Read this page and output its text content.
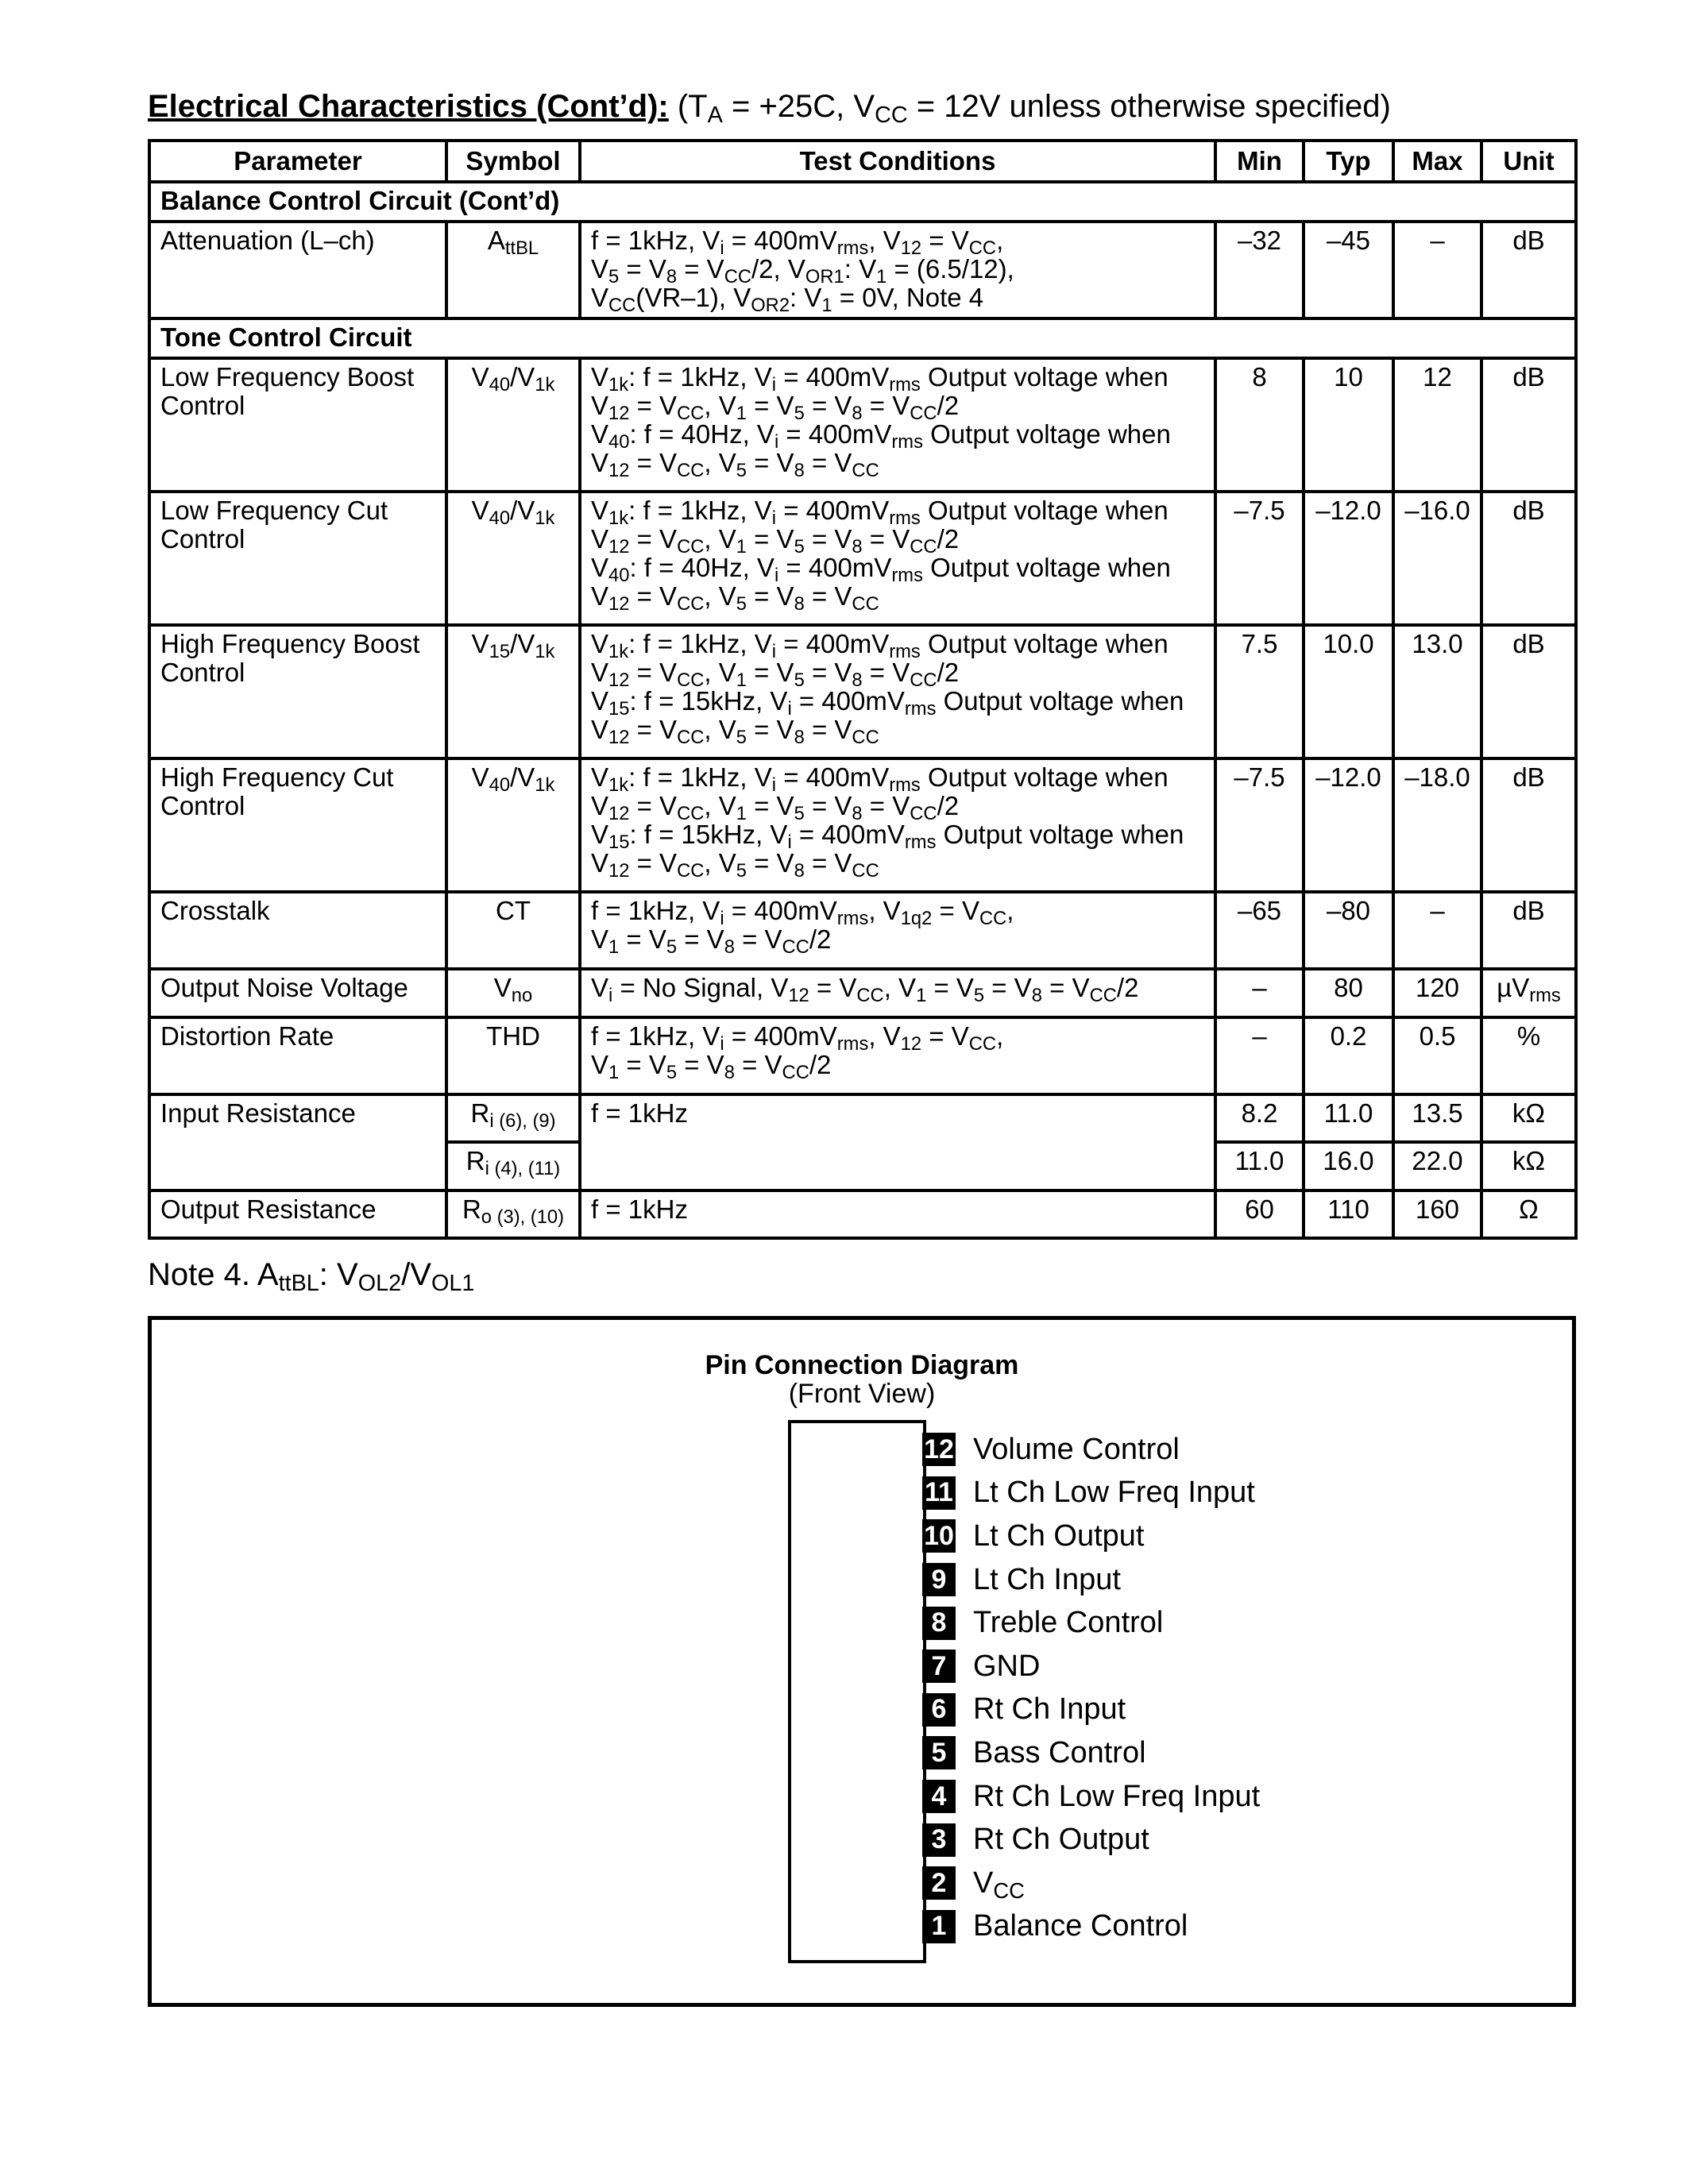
Electrical Characteristics (Cont’d): ($T_A = +25C$, $V_{CC} = 12V$ unless otherwise specified)
Parameter	Symbol	Test Conditions	Min	Typ	Max	Unit
Balance Control Circuit (Cont’d)						
Attenuation (L–ch)	$A_{ttBL}$	f = 1kHz, $V_i = 400mV_{rms}$, $V_{12} = V_{CC}$,
$V_5 = V_8 = V_{CC}/2$, $V_{OR1}$: $V_1 = (6.5/12)$,
$V_{CC}(VR-1)$, $V_{OR2}$: $V_1 = 0V$, Note 4	–32	–45	–	dB
Tone Control Circuit						
Low Frequency Boost
Control	$V_{40}/V_{1k}$	$V_{1k}$: f = 1kHz, $V_i = 400mV_{rms}$ Output voltage when
$V_{12} = V_{CC}$, $V_1 = V_5 = V_8 = V_{CC}/2$
$V_{40}$: f = 40Hz, $V_i = 400mV_{rms}$ Output voltage when
$V_{12} = V_{CC}$, $V_5 = V_8 = V_{CC}$	8	10	12	dB
Low Frequency Cut
Control	$V_{40}/V_{1k}$	$V_{1k}$: f = 1kHz, $V_i = 400mV_{rms}$ Output voltage when
$V_{12} = V_{CC}$, $V_1 = V_5 = V_8 = V_{CC}/2$
$V_{40}$: f = 40Hz, $V_i = 400mV_{rms}$ Output voltage when
$V_{12} = V_{CC}$, $V_5 = V_8 = V_{CC}$	–7.5	–12.0	–16.0	dB
High Frequency Boost
Control	$V_{15}/V_{1k}$	$V_{1k}$: f = 1kHz, $V_i = 400mV_{rms}$ Output voltage when
$V_{12} = V_{CC}$, $V_1 = V_5 = V_8 = V_{CC}/2$
$V_{15}$: f = 15kHz, $V_i = 400mV_{rms}$ Output voltage when
$V_{12} = V_{CC}$, $V_5 = V_8 = V_{CC}$	7.5	10.0	13.0	dB
High Frequency Cut
Control	$V_{40}/V_{1k}$	$V_{1k}$: f = 1kHz, $V_i = 400mV_{rms}$ Output voltage when
$V_{12} = V_{CC}$, $V_1 = V_5 = V_8 = V_{CC}/2$
$V_{15}$: f = 15kHz, $V_i = 400mV_{rms}$ Output voltage when
$V_{12} = V_{CC}$, $V_5 = V_8 = V_{CC}$	–7.5	–12.0	–18.0	dB
Crosstalk	CT	f = 1kHz, $V_i = 400mV_{rms}$, $V_{1q2} = V_{CC}$,
$V_1 = V_5 = V_8 = V_{CC}/2$	–65	–80	–	dB
Output Noise Voltage	$V_{no}$	$V_i = No$ Signal, $V_{12} = V_{CC}$, $V_1 = V_5 = V_8 = V_{CC}/2$	–	80	120	µV$_{rms}$
Distortion Rate	THD	f = 1kHz, $V_i = 400mV_{rms}$, $V_{12} = V_{CC}$,
$V_1 = V_5 = V_8 = V_{CC}/2$	–	0.2	0.5	%
Input Resistance	$R_{i (6), (9)}$	f = 1kHz	8.2	11.0	13.5	kΩ
	$R_{i (4), (11)}$		11.0	16.0	22.0	kΩ
Output Resistance	$R_{o (3), (10)}$	f = 1kHz	60	110	160	Ω
Note 4. $A_{ttBL}$: $V_{OL2}/V_{OL1}$
Pin Connection Diagram
(Front View)
12 Volume Control
11 Lt Ch Low Freq Input
10 Lt Ch Output
9 Lt Ch Input
8 Treble Control
7 GND
6 Rt Ch Input
5 Bass Control
4 Rt Ch Low Freq Input
3 Rt Ch Output
2 $V_{CC}$
1 Balance Control
